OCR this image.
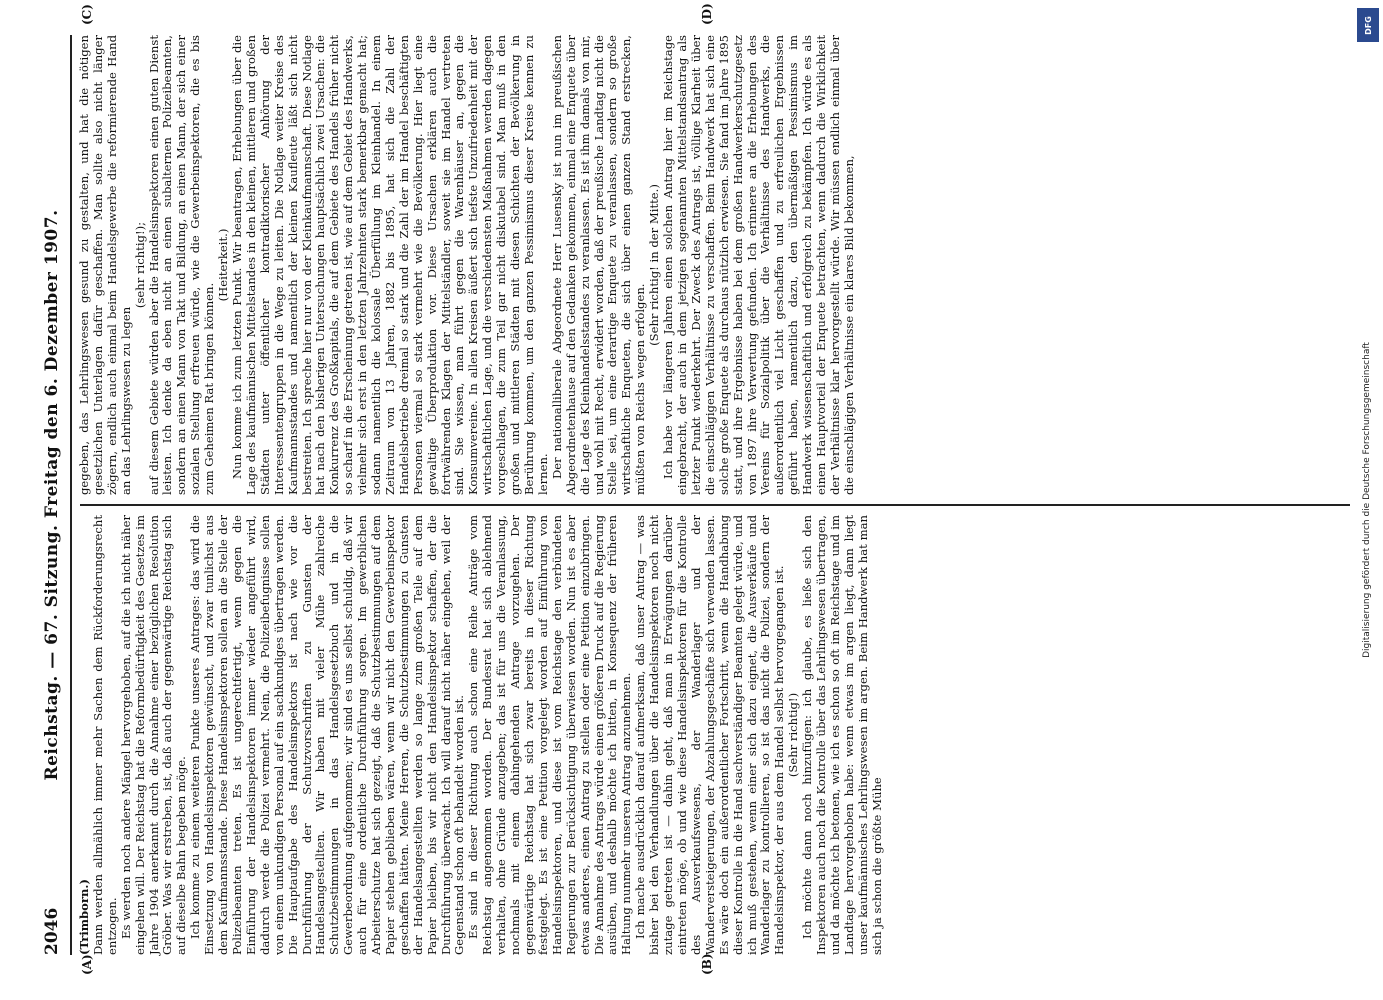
2046
Reichstag. — 67. Sitzung. Freitag den 6. Dezember 1907.
(A)	(B)
(C)	(D)

(Trimborn.) Dann werden allmählich immer mehr Sachen dem Rückforderungsrecht entzogen. Es werden noch andere Mängel hervorgehoben, auf die ich nicht näher eingehen will. Der Reichstag hat die Reformbedürftigkeit des Gesetzes im Jahre 1904 anerkannt durch die Annahme einer bezüglichen Resolution Gröber. Was wir erstreben, ist, daß auch der gegenwärtige Reichstag sich auf dieselbe Bahn begeben möge. Ich komme zu einem weiteren Punkte unseres Antrages: das wird die Einsetzung von Handelsinspektoren gewünscht, und zwar tunlichst aus dem Kaufmannsstande. Diese Handelsinspektoren sollen an die Stelle der Polizeibeamten treten. Es ist ungerechtfertigt, wenn gegen die Einführung der Handelsinspektoren immer wieder angeführt wird, dadurch werde die Polizei vermehrt. Nein, die Polizeibefugnisse sollen von einem unkundigen Personal auf ein sachkundiges übertragen werden. Die Hauptaufgabe des Handelsinspektors ist nach wie vor die Durchführung der Schutzvorschriften zu Gunsten der Handelsangestellten. Wir haben mit vieler Mühe zahlreiche Schutzbestimmungen in das Handelsgesetzbuch und in die Gewerbeordnung aufgenommen; wir sind es uns selbst schuldig, daß wir auch für eine ordentliche Durchführung sorgen. Im gewerblichen Arbeiterschutze hat sich gezeigt, daß die Schutzbestimmungen auf dem Papier stehen geblieben wären, wenn wir nicht den Gewerbeinspektor geschaffen hätten. Meine Herren, die Schutzbestimmungen zu Gunsten der Handelsangestellten werden so lange zum großen Teile auf dem Papier bleiben, bis wir nicht den Handelsinspektor schaffen, der die Durchführung überwacht. Ich will darauf nicht näher eingehen, weil der Gegenstand schon oft behandelt worden ist. Es sind in dieser Richtung auch schon eine Reihe Anträge vom Reichstag angenommen worden. Der Bundesrat hat sich ablehnend verhalten, ohne Gründe anzugeben; das ist für uns die Veranlassung, nochmals mit einem dahingehenden Antrage vorzugehen. Der gegenwärtige Reichstag hat sich zwar bereits in dieser Richtung festgelegt. Es ist eine Petition vorgelegt worden auf Einführung von Handelsinspektoren, und diese ist vom Reichstage den verbündeten Regierungen zur Berücksichtigung überwiesen worden. Nun ist es aber etwas anderes, einen Antrag zu stellen oder eine Petition einzubringen. Die Annahme des Antrags würde einen größeren Druck auf die Regierung ausüben, und deshalb möchte ich bitten, in Konsequenz der früheren Haltung nunmehr unseren Antrag anzunehmen. Ich mache ausdrücklich darauf aufmerksam, daß unser Antrag — was bisher bei den Verhandlungen über die Handelsinspektoren noch nicht zutage getreten ist — dahin geht, daß man in Erwägungen darüber eintreten möge, ob und wie diese Handelsinspektoren für die Kontrolle des Ausverkaufswesens, der Wanderlager und der Wanderversteigerungen, der Abzahlungsgeschäfte sich verwenden lassen. Es wäre doch ein außerordentlicher Fortschritt, wenn die Handhabung dieser Kontrolle in die Hand sachverständiger Beamten gelegt würde, und ich muß gestehen, wenn einer sich dazu eignet, die Ausverkäufe und Wanderlager zu kontrollieren, so ist das nicht die Polizei, sondern der Handelsinspektor, der aus dem Handel selbst hervorgegangen ist. (Sehr richtig!) Ich möchte dann noch hinzufügen: ich glaube, es ließe sich den Inspektoren auch noch die Kontrolle über das Lehrlingswesen übertragen, und da möchte ich betonen, wie ich es schon so oft im Reichstage und im Landtage hervorgehoben habe: wenn etwas im argen liegt, dann liegt unser kaufmännisches Lehrlingswesen im argen. Beim Handwerk hat man sich ja schon die größte Mühe

gegeben, das Lehrlingswesen gesund zu gestalten, und hat die nötigen gesetzlichen Unterlagen dafür geschaffen. Man sollte also nicht länger zögern, endlich auch einmal beim Handelsgewerbe die reformierende Hand an das Lehrlingswesen zu legen

(sehr richtig!); auf diesem Gebiete würden aber die Handelsinspektoren einen guten Dienst leisten. Ich denke da eben nicht an einen subalternen Polizeibeamten, sondern an einen Mann von Takt und Bildung, an einen Mann, der sich einer sozialen Stellung erfreuen würde, wie die Gewerbeinspektoren, die es bis zum Geheimen Rat bringen können.

(Heiterkeit.) Nun komme ich zum letzten Punkt. Wir beantragen, Erhebungen über die Lage des kaufmännischen Mittelstandes in den kleinen, mittleren und großen Städten unter öffentlicher kontradiktorischer Anhörung der Interessentengruppen in die Wege zu leiten. Die Notlage weiter Kreise des Kaufmannsstandes und namentlich der kleinen Kaufleute läßt sich nicht bestreiten. Ich spreche hier nur von der Kleinkaufmannschaft. Diese Notlage hat nach den bisherigen Untersuchungen hauptsächlich zwei Ursachen: die Konkurrenz des Großkapitals, die auf dem Gebiete des Handels früher nicht so scharf in die Erscheinung getreten ist, wie auf dem Gebiet des Handwerks, vielmehr sich erst in den letzten Jahrzehnten stark bemerkbar gemacht hat; sodann namentlich die kolossale Überfüllung im Kleinhandel. In einem Zeitraum von 13 Jahren, 1882 bis 1895, hat sich die Zahl der Handelsbetriebe dreimal so stark und die Zahl der im Handel beschäftigten Personen viermal so stark vermehrt wie die Bevölkerung. Hier liegt eine gewaltige Überproduktion vor. Diese Ursachen erklären auch die fortwährenden Klagen der Mittelständler, soweit sie im Handel vertreten sind. Sie wissen, man führt gegen die Warenhäuser an, gegen die Konsumvereine. In allen Kreisen äußert sich tiefste Unzufriedenheit mit der wirtschaftlichen Lage, und die verschiedensten Maßnahmen werden dagegen vorgeschlagen, die zum Teil gar nicht diskutabel sind. Man muß in den großen und mittleren Städten mit diesen Schichten der Bevölkerung in Berührung kommen, um den ganzen Pessimismus dieser Kreise kennen zu lernen. Der nationalliberale Abgeordnete Herr Lusensky ist nun im preußischen Abgeordnetenhause auf den Gedanken gekommen, einmal eine Enquete über die Lage des Kleinhandelsstandes zu veranlassen. Es ist ihm damals von mir, und wohl mit Recht, erwidert worden, daß der preußische Landtag nicht die Stelle sei, um eine derartige Enquete zu veranlassen, sondern so große wirtschaftliche Enqueten, die sich über einen ganzen Stand erstrecken, müßten von Reichs wegen erfolgen.

(Sehr richtig! in der Mitte.) Ich habe vor längeren Jahren einen solchen Antrag hier im Reichstage eingebracht, der auch in dem jetzigen sogenannten Mittelstandsantrag als letzter Punkt wiederkehrt. Der Zweck des Antrags ist, völlige Klarheit über die einschlägigen Verhältnisse zu verschaffen. Beim Handwerk hat sich eine solche große Enquete als durchaus nützlich erwiesen. Sie fand im Jahre 1895 statt, und ihre Ergebnisse haben bei dem großen Handwerkerschutzgesetz von 1897 ihre Verwertung gefunden. Ich erinnere an die Erhebungen des Vereins für Sozialpolitik über die Verhältnisse des Handwerks, die außerordentlich viel Licht geschaffen und zu erfreulichen Ergebnissen geführt haben, namentlich dazu, den übermäßigen Pessimismus im Handwerk wissenschaftlich und erfolgreich zu bekämpfen. Ich würde es als einen Hauptvorteil der Enquete betrachten, wenn dadurch die Wirklichkeit der Verhältnisse klar hervorgestellt würde. Wir müssen endlich einmal über die einschlägigen Verhältnisse ein klares Bild bekommen,

DFG
Digitalisierung gefördert durch die Deutsche Forschungsgemeinschaft
